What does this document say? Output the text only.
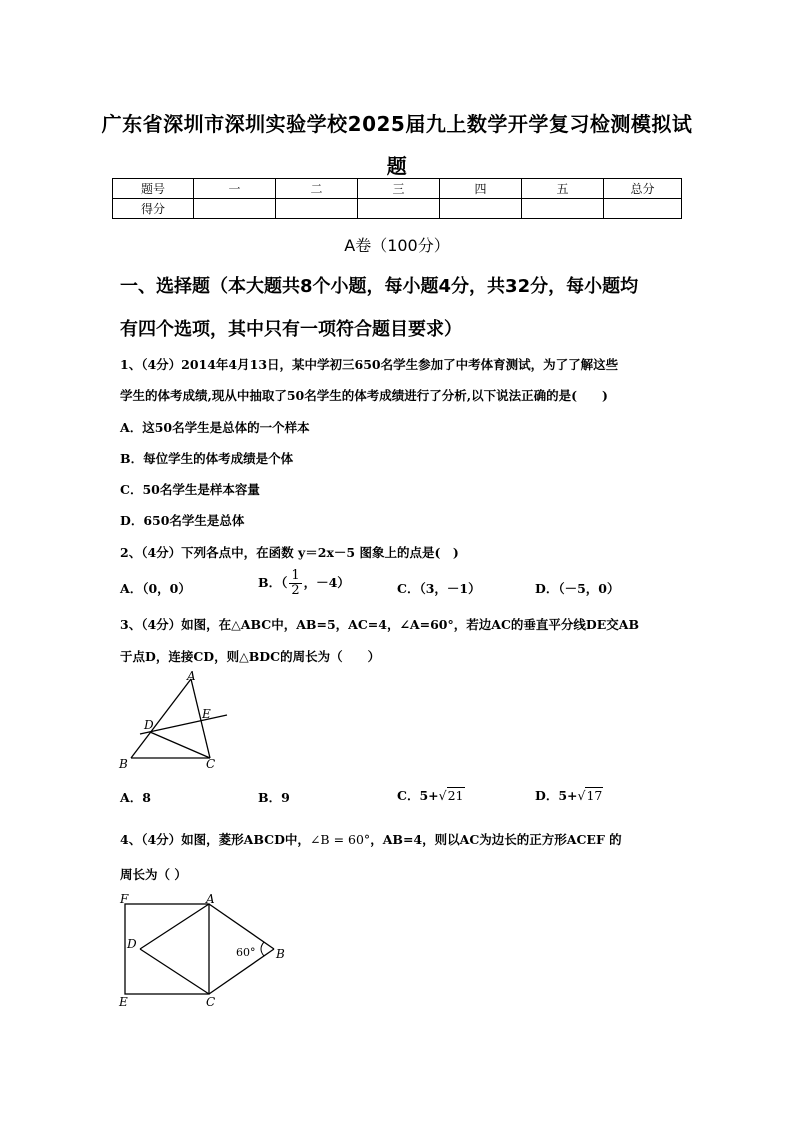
广东省深圳市深圳实验学校2025届九上数学开学复习检测模拟试
题
题号	一	二	三	四	五	总分
得分						
A卷（100分）
一、选择题（本大题共8个小题，每小题4分，共32分，每小题均
有四个选项，其中只有一项符合题目要求）
1、（4分）2014年4月13日，某中学初三650名学生参加了中考体育测试，为了了解这些
学生的体考成绩,现从中抽取了50名学生的体考成绩进行了分析,以下说法正确的是(　　)
A．这50名学生是总体的一个样本
B．每位学生的体考成绩是个体
C．50名学生是样本容量
D．650名学生是总体
2、（4分）下列各点中，在函数 y＝2x－5 图象上的点是(　)
A．（0，0）	B．（ $\frac{1}{2}$ ，－4）	C．（3，－1）	D．（－5，0）
3、（4分）如图，在△ABC中，AB=5，AC=4，∠A=60°，若边AC的垂直平分线DE交AB
于点D，连接CD，则△BDC的周长为（　　）
A
D
E
B	C
A．8	B．9	C．5+√21	D．5+√17
4、（4分）如图，菱形ABCD中，∠B = 60°，AB=4，则以AC为边长的正方形ACEF 的
周长为（ ）
F	A
D
B
E	C
60°
